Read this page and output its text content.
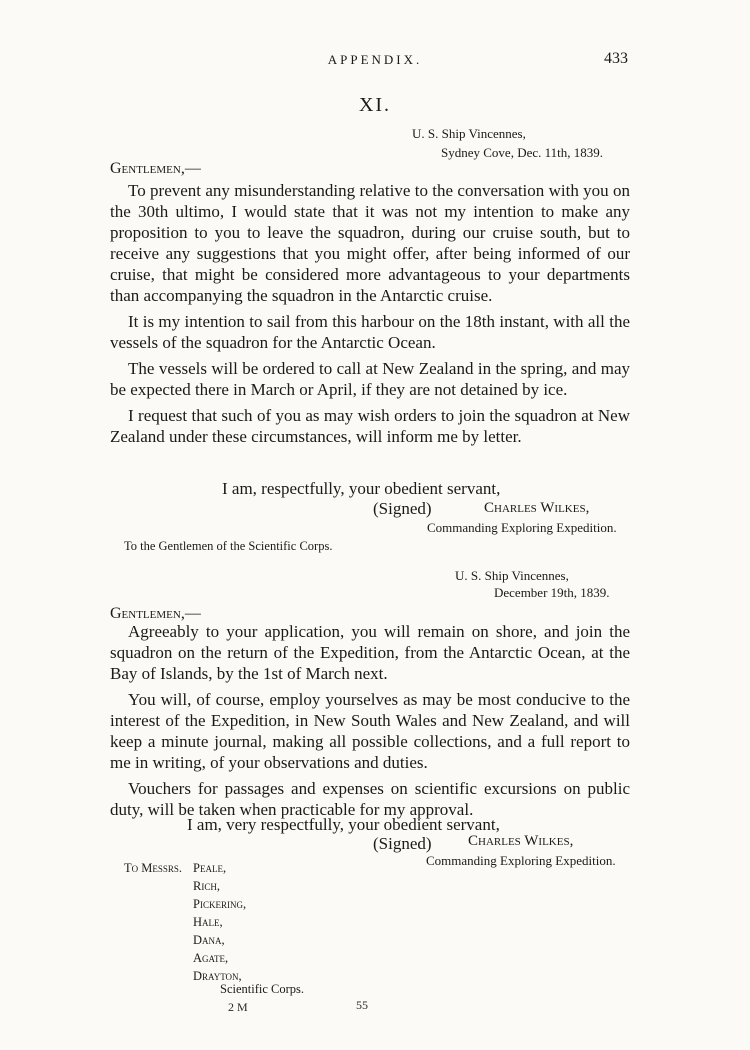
APPENDIX.	433
XI.
U. S. Ship Vincennes,
Sydney Cove, Dec. 11th, 1839.
Gentlemen,—

To prevent any misunderstanding relative to the conversation with you on the 30th ultimo, I would state that it was not my intention to make any proposition to you to leave the squadron, during our cruise south, but to receive any suggestions that you might offer, after being informed of our cruise, that might be considered more advantageous to your departments than accompanying the squadron in the Antarctic cruise.

It is my intention to sail from this harbour on the 18th instant, with all the vessels of the squadron for the Antarctic Ocean.

The vessels will be ordered to call at New Zealand in the spring, and may be expected there in March or April, if they are not detained by ice.

I request that such of you as may wish orders to join the squadron at New Zealand under these circumstances, will inform me by letter.

I am, respectfully, your obedient servant,
(Signed)	Charles Wilkes,
Commanding Exploring Expedition.
To the Gentlemen of the Scientific Corps.
U. S. Ship Vincennes,
December 19th, 1839.
Gentlemen,—

Agreeably to your application, you will remain on shore, and join the squadron on the return of the Expedition, from the Antarctic Ocean, at the Bay of Islands, by the 1st of March next.

You will, of course, employ yourselves as may be most conducive to the interest of the Expedition, in New South Wales and New Zealand, and will keep a minute journal, making all possible collections, and a full report to me in writing, of your observations and duties.

Vouchers for passages and expenses on scientific excursions on public duty, will be taken when practicable for my approval.

I am, very respectfully, your obedient servant,
(Signed) Charles Wilkes,
Commanding Exploring Expedition.
To Messrs. Peale,
Rich,
Pickering,
Hale,
Dana,
Agate,
Drayton,
Scientific Corps.
2 M	55
